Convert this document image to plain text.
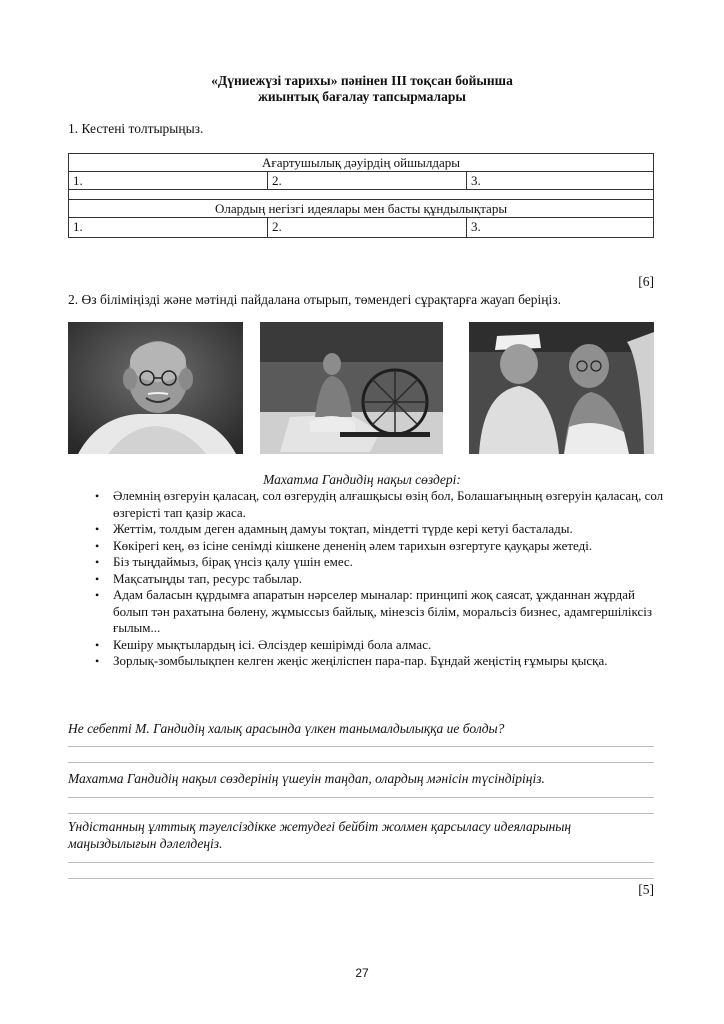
«Дүниежүзі тарихы» пәнінен III тоқсан бойынша
жиынтық бағалау тапсырмалары
1. Кестені толтырыңыз.
Ағартушылық дәуірдің ойшылдары		
1.	2.	3.

Олардың негізгі идеялары мен басты құндылықтары		
1.	2.	3.
[6]
2. Өз біліміңізді және мәтінді пайдалана отырып, төмендегі сұрақтарға жауап беріңіз.
Махатма Гандидің нақыл сөздері:
• Әлемнің өзгеруін қаласаң, сол өзгерудің алғашқысы өзің бол, Болашағыңның өзгеруін қаласаң, сол өзгерісті тап қазір жаса.
• Жеттім, толдым деген адамның дамуы тоқтап, міндетті түрде кері кетуі басталады.
• Көкірегі кең, өз ісіне сенімді кішкене дененің әлем тарихын өзгертуге қауқары жетеді.
• Біз тыңдаймыз, бірақ үнсіз қалу үшін емес.
• Мақсатыңды тап, ресурс табылар.
• Адам баласын құрдымға апаратын нәрселер мыналар: принципі жоқ саясат, ұжданнан жұрдай болып тән рахатына бөлену, жұмыссыз байлық, мінезсіз білім, моральсіз бизнес, адамгершіліксіз ғылым...
• Кешіру мықтылардың ісі. Әлсіздер кешірімді бола алмас.
• Зорлық-зомбылықпен келген жеңіс жеңіліспен пара-пар. Бұндай жеңістің ғұмыры қысқа.
Не себепті М. Гандидің халық арасында үлкен танымалдылыққа ие болды?
Махатма Гандидің нақыл сөздерінің үшеуін таңдап, олардың мәнісін түсіндіріңіз.
Үндістанның ұлттық тәуелсіздікке жетудегі бейбіт жолмен қарсыласу идеяларының маңыздылығын дәлелдеңіз.
[5]
27
